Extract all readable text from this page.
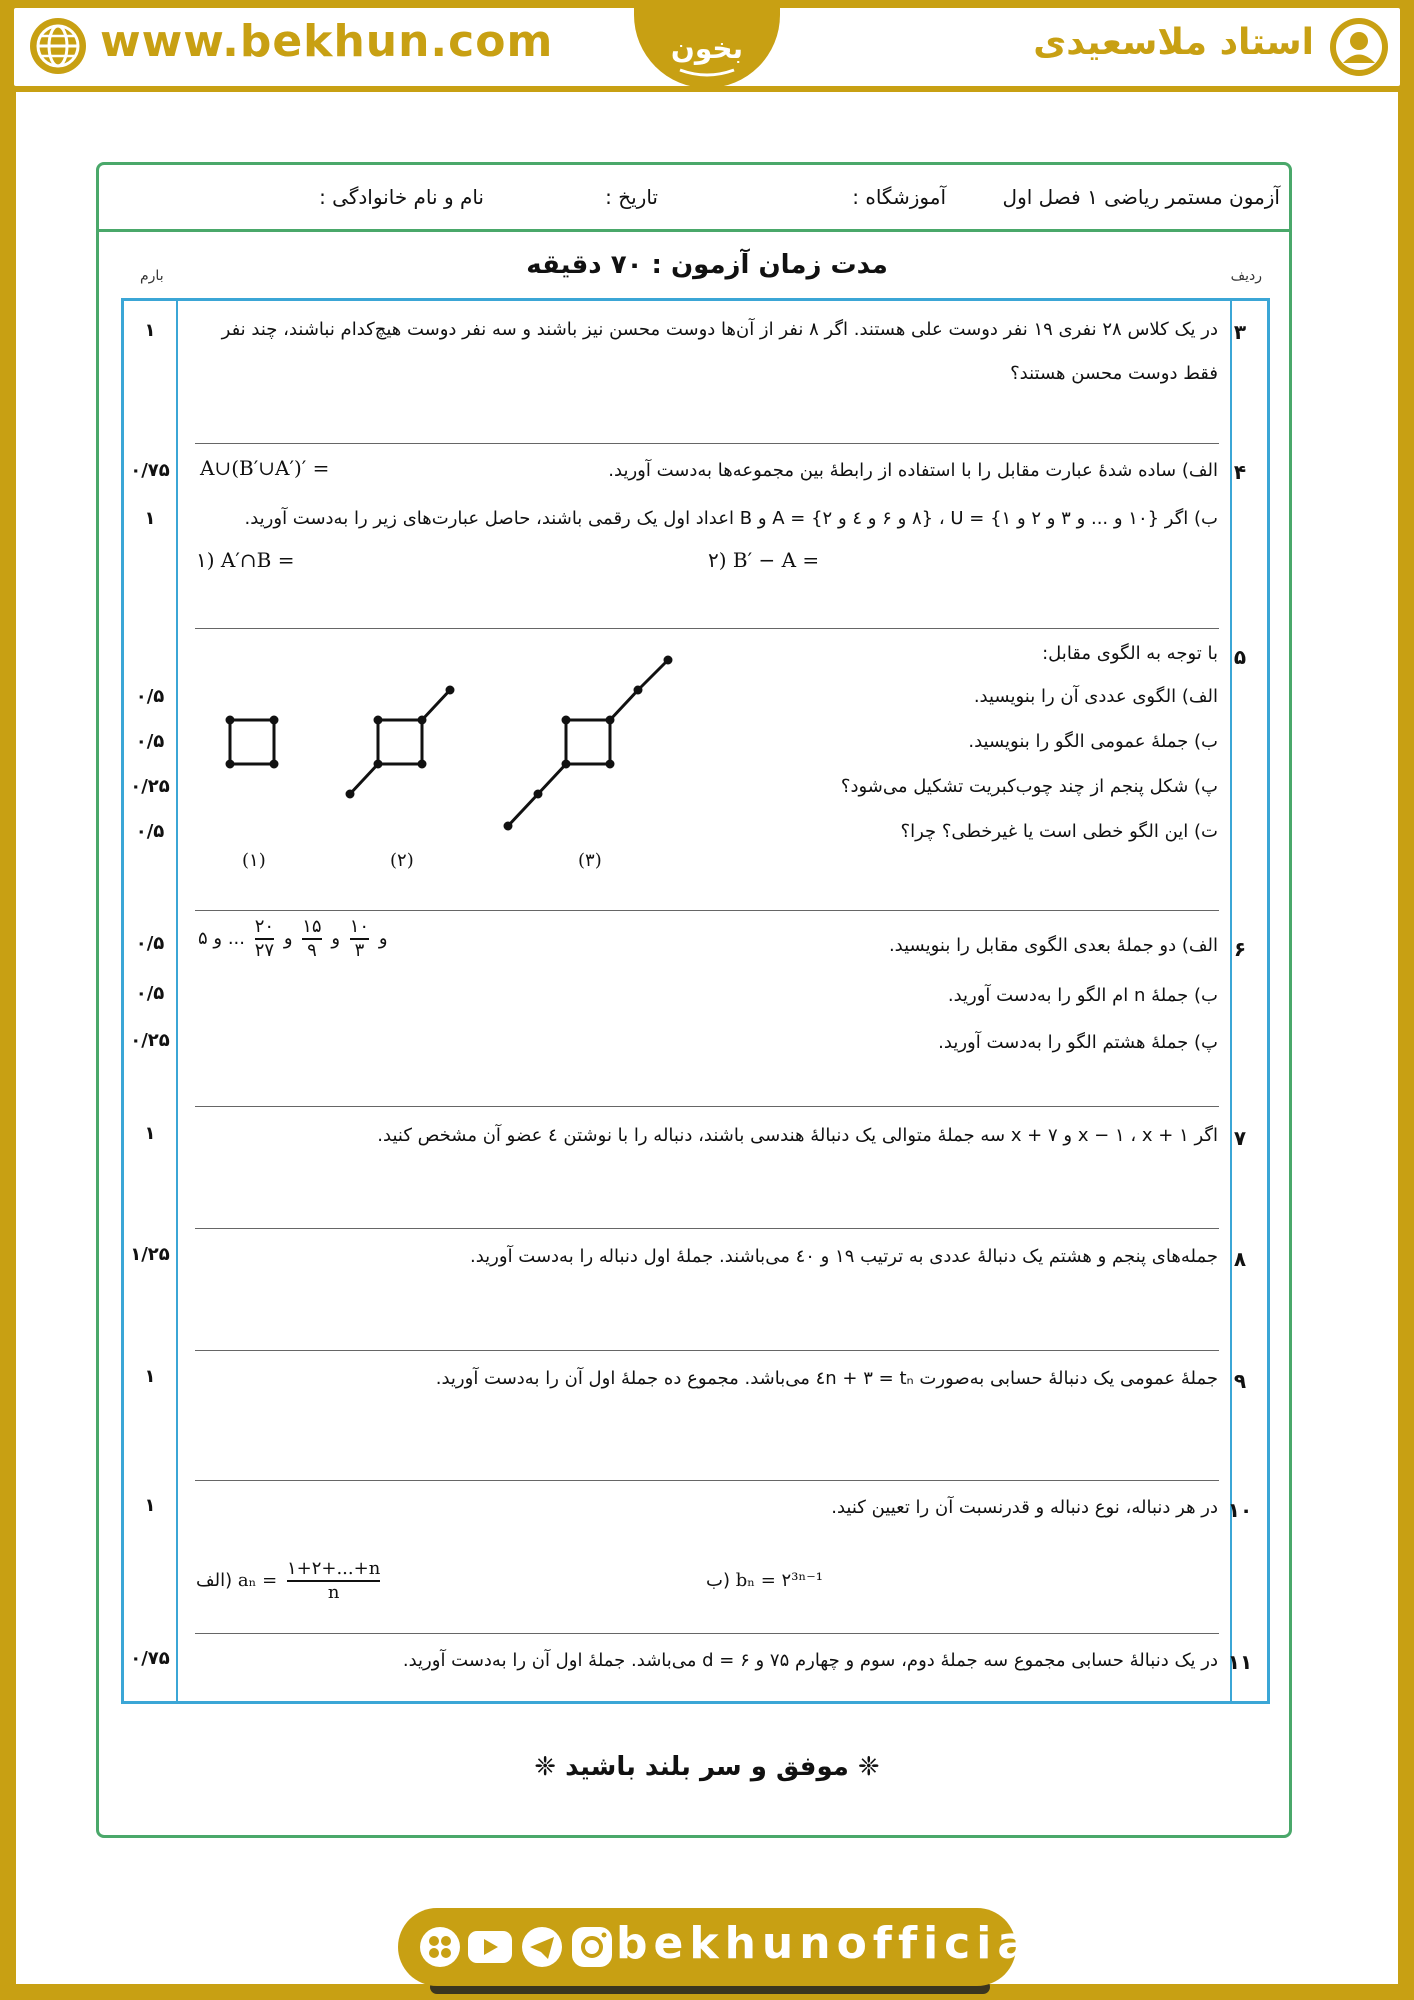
www.bekhun.com	بخون	استاد ملاسعیدی
آزمون مستمر ریاضی ۱ فصل اول
آموزشگاه :
تاریخ :
نام و نام خانوادگی :
مدت زمان آزمون : ۷۰ دقیقه	ردیف
بارم
۳
۱	در یک کلاس ۲۸ نفری ۱۹ نفر دوست علی هستند. اگر ۸ نفر از آن‌ها دوست محسن نیز باشند و سه نفر دوست هیچ‌کدام نباشند، چند نفر فقط دوست محسن هستند؟
۴
۰/۷۵	الف) ساده شدهٔ عبارت مقابل را با استفاده از رابطهٔ بین مجموعه‌ها به‌دست آورید.
A∪(B′∪A′)′ =
۱	ب) اگر {۱۰ و ... و ۳ و ۲ و ۱} = U ، {۸ و ۶ و ٤ و ۲} = A و B اعداد اول یک رقمی باشند، حاصل عبارت‌های زیر را به‌دست آورید.
۱) A′∩B =	۲) B′ − A =
۵
با توجه به الگوی مقابل:
۰/۵	الف) الگوی عددی آن را بنویسید.
۰/۵	ب) جملهٔ عمومی الگو را بنویسید.
۰/۲۵	پ) شکل پنجم از چند چوب‌کبریت تشکیل می‌شود؟
۰/۵	ت) این الگو خطی است یا غیرخطی؟ چرا؟
(۱)	(۲)	(۳)
۶
۰/۵	الف) دو جملهٔ بعدی الگوی مقابل را بنویسید.
۵	و
$\frac{۱۰}{۳}$
و
$\frac{۱۵}{۹}$
و
$\frac{۲۰}{۲۷}$
... و
۰/۵	ب) جملهٔ n ام الگو را به‌دست آورید.
۰/۲۵	پ) جملهٔ هشتم الگو را به‌دست آورید.
۷
۱	اگر x − ۱ ، x + ۱ و x + ۷ سه جملهٔ متوالی یک دنبالهٔ هندسی باشند، دنباله را با نوشتن ٤ عضو آن مشخص کنید.
۸
۱/۲۵	جمله‌های پنجم و هشتم یک دنبالهٔ عددی به ترتیب ۱۹ و ٤۰ می‌باشند. جملهٔ اول دنباله را به‌دست آورید.
۹
۱	جملهٔ عمومی یک دنبالهٔ حسابی به‌صورت tₙ = ٤n + ۳ می‌باشد. مجموع ده جملهٔ اول آن را به‌دست آورید.
۱۰
۱	در هر دنباله، نوع دنباله و قدرنسبت آن را تعیین کنید.
الف) $a_n = \frac{۱+۲+...+n}{n}$	ب) bₙ = ۲³ⁿ⁻¹
۱۱
۰/۷۵	در یک دنبالهٔ حسابی مجموع سه جملهٔ دوم، سوم و چهارم ۷۵ و d = ۶ می‌باشد. جملهٔ اول آن را به‌دست آورید.
❈ موفق و سر بلند باشید ❈
bekhunofficial
